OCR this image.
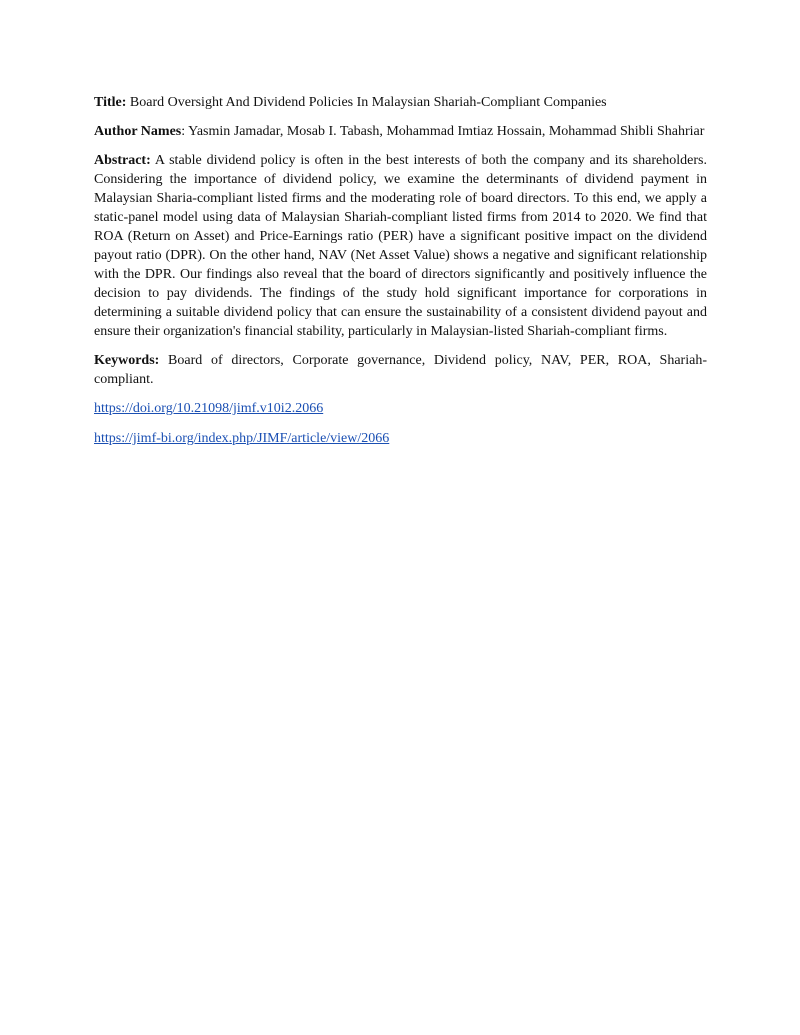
Title: Board Oversight And Dividend Policies In Malaysian Shariah-Compliant Companies

Author Names: Yasmin Jamadar, Mosab I. Tabash, Mohammad Imtiaz Hossain, Mohammad Shibli Shahriar

Abstract: A stable dividend policy is often in the best interests of both the company and its shareholders. Considering the importance of dividend policy, we examine the determinants of dividend payment in Malaysian Sharia-compliant listed firms and the moderating role of board directors. To this end, we apply a static-panel model using data of Malaysian Shariah-compliant listed firms from 2014 to 2020. We find that ROA (Return on Asset) and Price-Earnings ratio (PER) have a significant positive impact on the dividend payout ratio (DPR). On the other hand, NAV (Net Asset Value) shows a negative and significant relationship with the DPR. Our findings also reveal that the board of directors significantly and positively influence the decision to pay dividends. The findings of the study hold significant importance for corporations in determining a suitable dividend policy that can ensure the sustainability of a consistent dividend payout and ensure their organization's financial stability, particularly in Malaysian-listed Shariah-compliant firms.

Keywords: Board of directors, Corporate governance, Dividend policy, NAV, PER, ROA, Shariah-compliant.

https://doi.org/10.21098/jimf.v10i2.2066

https://jimf-bi.org/index.php/JIMF/article/view/2066
